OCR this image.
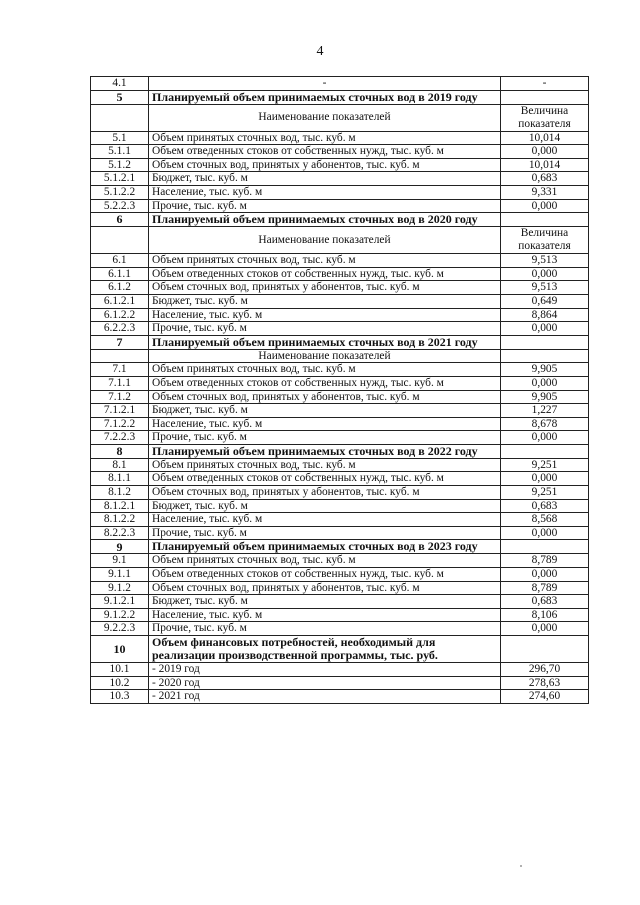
4
4.1	-	-
5	Планируемый объем принимаемых сточных вод в 2019 году	
	Наименование показателей	Величина показателя
5.1	Объем принятых сточных вод, тыс. куб. м	10,014
5.1.1	Объем отведенных стоков от собственных нужд, тыс. куб. м	0,000
5.1.2	Объем сточных вод, принятых у абонентов, тыс. куб. м	10,014
5.1.2.1	Бюджет, тыс. куб. м	0,683
5.1.2.2	Население, тыс. куб. м	9,331
5.2.2.3	Прочие, тыс. куб. м	0,000
6	Планируемый объем принимаемых сточных вод в 2020 году	
	Наименование показателей	Величина показателя
6.1	Объем принятых сточных вод, тыс. куб. м	9,513
6.1.1	Объем отведенных стоков от собственных нужд, тыс. куб. м	0,000
6.1.2	Объем сточных вод, принятых у абонентов, тыс. куб. м	9,513
6.1.2.1	Бюджет, тыс. куб. м	0,649
6.1.2.2	Население, тыс. куб. м	8,864
6.2.2.3	Прочие, тыс. куб. м	0,000
7	Планируемый объем принимаемых сточных вод в 2021 году	
	Наименование показателей	
7.1	Объем принятых сточных вод, тыс. куб. м	9,905
7.1.1	Объем отведенных стоков от собственных нужд, тыс. куб. м	0,000
7.1.2	Объем сточных вод, принятых у абонентов, тыс. куб. м	9,905
7.1.2.1	Бюджет, тыс. куб. м	1,227
7.1.2.2	Население, тыс. куб. м	8,678
7.2.2.3	Прочие, тыс. куб. м	0,000
8	Планируемый объем принимаемых сточных вод в 2022 году	
8.1	Объем принятых сточных вод, тыс. куб. м	9,251
8.1.1	Объем отведенных стоков от собственных нужд, тыс. куб. м	0,000
8.1.2	Объем сточных вод, принятых у абонентов, тыс. куб. м	9,251
8.1.2.1	Бюджет, тыс. куб. м	0,683
8.1.2.2	Население, тыс. куб. м	8,568
8.2.2.3	Прочие, тыс. куб. м	0,000
9	Планируемый объем принимаемых сточных вод в 2023 году	
9.1	Объем принятых сточных вод, тыс. куб. м	8,789
9.1.1	Объем отведенных стоков от собственных нужд, тыс. куб. м	0,000
9.1.2	Объем сточных вод, принятых у абонентов, тыс. куб. м	8,789
9.1.2.1	Бюджет, тыс. куб. м	0,683
9.1.2.2	Население, тыс. куб. м	8,106
9.2.2.3	Прочие, тыс. куб. м	0,000
10	Объем финансовых потребностей, необходимый для реализации производственной программы, тыс. руб.	
10.1	- 2019 год	296,70
10.2	- 2020 год	278,63
10.3	- 2021 год	274,60
